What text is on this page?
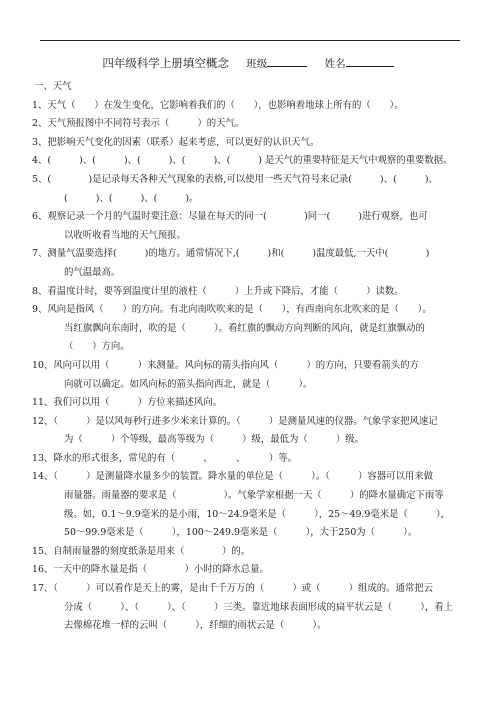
四年级科学上册填空概念 班级	姓名
一、天气
1、天气（　　）在发生变化，它影响着我们的（　　），也影响着地球上所有的（　　）。
2、天气预报图中不同符号表示（　　　）的天气。
3、把影响天气变化的因素（联系）起来考虑，可以更好的认识天气。
4、(　　　)、(　　　)、(　　　)、(　　　)、(　　　) 是天气的重要特征是天气中观察的重要数据。
5、(　　　　)是记录每天各种天气现象的表格,可以使用一些天气符号来记录(　　　)、(　　　)、
(　　　)、(　　　)、(　　　)。
6、观察记录一个月的气温时要注意：尽量在每天的同一(　　　　)同一(　　　)进行观察，也可
以收听收看当地的天气预报。
7、测量气温要选择(　　　)的地方。通常情况下,(　　　)和(　　　)温度最低,一天中(　　　　)
的气温最高。
8、看温度计时，要等到温度计里的液柱（　　　）上升或下降后，才能（　　　）读数。
9、风向是指风（　　）的方向。有北向南吹吹来的是（　　），有西南向东北吹来的是（　　）。
当红旗飘向东南时，吹的是（　　　）。看红旗的飘动方向判断的风向，就是红旗飘动的
（　　）方向。
10、风向可以用（　　　）来测量。风向标的箭头指向风（　　　）的方向，只要看箭头的方
向就可以确定。如风向标的箭头指向西北，就是（　　　）。
11、我们可以用（　　　）方位来描述风向。
12、（　　　）是以风每秒行进多少米来计算的。（　　　）是测量风速的仪器。气象学家把风速记
为（　　　）个等级，最高等级为（　　　）级，最低为（　　　）级。
13、降水的形式很多，常见的有（　　　、　　　、　　　）等。
14、（　　　）是测量降水量多少的装置。降水量的单位是（　　　）。（　　　）容器可以用来做
雨量器。雨量器的要求是（　　　　　）。气象学家根据一天（　　　）的降水量确定下雨等
级。如，0.1～9.9毫米的是小雨，10～24.9毫米是（　　　），25～49.9毫米是（　　　），
50～99.9毫米是（　　　），100～249.9毫米是（　　　），大于250为（　　　）。
15、自制雨量器的刻度纸条是用来（　　　　）的。
16、一天中的降水量是指（　　　　）小时的降水总量。
17、（　　　）可以看作是天上的雾，是由千千万万的（　　　）或（　　　）组成的。通常把云
分成（　　　）、（　　　）、（　　　）三类。靠近地球表面形成的扁平状云是（　　　），看上
去像棉花堆一样的云叫（　　　），纤细的雨状云是（　　　）。
